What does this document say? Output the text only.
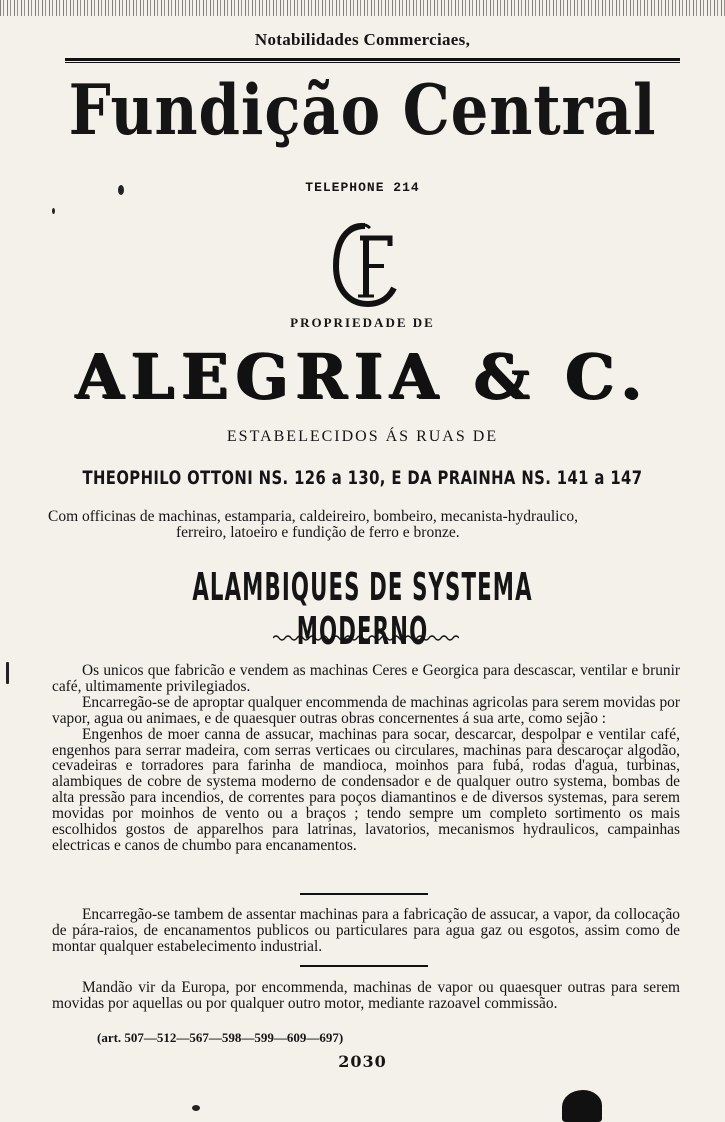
Notabilidades Commerciaes,
Fundição Central
TELEPHONE 214
PROPRIEDADE DE
ALEGRIA & C.
ESTABELECIDOS ÁS RUAS DE
THEOPHILO OTTONI NS. 126 a 130, E DA PRAINHA NS. 141 a 147
Com officinas de machinas, estamparia, caldeireiro, bombeiro, mecanista-hydraulico,
ferreiro, latoeiro e fundição de ferro e bronze.
ALAMBIQUES DE SYSTEMA MODERNO

Os unicos que fabricão e vendem as machinas Ceres e Georgica para descascar, ventilar e brunir café, ultimamente privilegiados.

Encarregão-se de aproptar qualquer encommenda de machinas agricolas para serem movidas por vapor, agua ou animaes, e de quaesquer outras obras concernentes á sua arte, como sejão :

Engenhos de moer canna de assucar, machinas para socar, descarcar, despolpar e ventilar café, engenhos para serrar madeira, com serras verticaes ou circulares, machinas para descaroçar algodão, cevadeiras e torradores para farinha de mandioca, moinhos para fubá, rodas d'agua, turbinas, alambiques de cobre de systema moderno de condensador e de qualquer outro systema, bombas de alta pressão para incendios, de correntes para poços diamantinos e de diversos systemas, para serem movidas por moinhos de vento ou a braços ; tendo sempre um completo sortimento os mais escolhidos gostos de apparelhos para latrinas, lavatorios, mecanismos hydraulicos, campainhas electricas e canos de chumbo para encanamentos.

Encarregão-se tambem de assentar machinas para a fabricação de assucar, a vapor, da collocação de pára-raios, de encanamentos publicos ou particulares para agua gaz ou esgotos, assim como de montar qualquer estabelecimento industrial.

Mandão vir da Europa, por encommenda, machinas de vapor ou quaesquer outras para serem movidas por aquellas ou por qualquer outro motor, mediante razoavel commissão.

(art. 507—512—567—598—599—609—697)
2030
